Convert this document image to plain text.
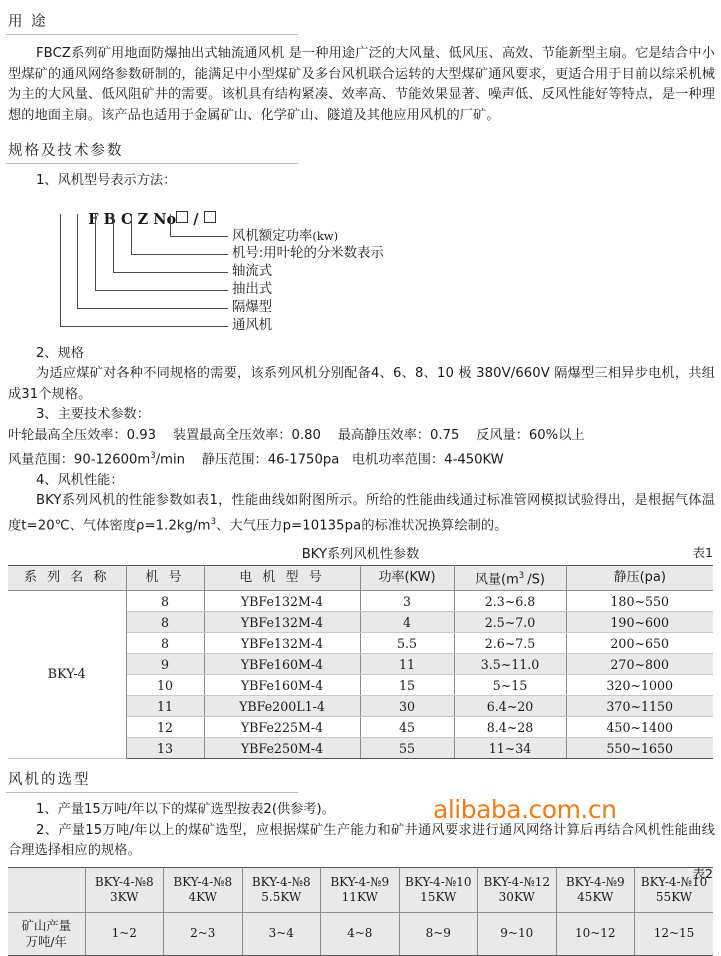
用 途
FBCZ系列矿用地面防爆抽出式轴流通风机 是一种用途广泛的大风量、低风压、高效、节能新型主扇。它是结合中小型煤矿的通风网络参数研制的，能满足中小型煤矿及多台风机联合运转的大型煤矿通风要求，更适合用于目前以综采机械为主的大风量、低风阻矿井的需要。该机具有结构紧凑、效率高、节能效果显著、噪声低、反风性能好等特点，是一种理想的地面主扇。该产品也适用于金属矿山、化学矿山、隧道及其他应用风机的厂矿。
规格及技术参数
1、风机型号表示方法：

F B C Z No /

风机额定功率(kw)
机号:用叶轮的分米数表示
轴流式
抽出式
隔爆型
通风机
2、规格
为适应煤矿对各种不同规格的需要，该系列风机分别配备4、6、8、10 极 380V/660V 隔爆型三相异步电机，共组成31个规格。
3、主要技术参数：
叶轮最高全压效率：0.93 装置最高全压效率：0.80 最高静压效率：0.75 反风量：60%以上
风量范围：$90-12600m^3/\min$ 静压范围：46-1750pa 电机功率范围：4-450KW
4、风机性能：
BKY系列风机的性能参数如表1，性能曲线如附图所示。所给的性能曲线通过标准管网模拟试验得出，是根据气体温度t=20℃、气体密度$\rho=1.2kg/m^3$、大气压力p=10135pa的标准状况换算绘制的。
BKY系列风机性参数	表1
系 列 名 称	机 号	电 机 型 号	功率(KW)	风量$(m^3/S)$	静压(pa)
BKY-4	8	YBFe132M-4	3	2.3~6.8	180~550
	8	YBFe132M-4	4	2.5~7.0	190~600
	8	YBFe132M-4	5.5	2.6~7.5	200~650
	9	YBFe160M-4	11	3.5~11.0	270~800
	10	YBFe160M-4	15	5~15	320~1000
	11	YBFe200L1-4	30	6.4~20	370~1150
	12	YBFe225M-4	45	8.4~28	450~1400
	13	YBFe250M-4	55	11~34	550~1650
风机的选型
1、产量15万吨/年以下的煤矿选型按表2(供参考)。
2、产量15万吨/年以上的煤矿选型，应根据煤矿生产能力和矿井通风要求进行通风网络计算后再结合风机性能曲线合理选择相应的规格。
表2
	BKY-4-№8
3KW	BKY-4-№8
4KW	BKY-4-№8
5.5KW	BKY-4-№9
11KW	BKY-4-№10
15KW	BKY-4-№12
30KW	BKY-4-№9
45KW	BKY-4-№10
55KW
矿山产量
万吨/年	1~2	2~3	3~4	4~8	8~9	9~10	10~12	12~15
alibaba.com.cn
